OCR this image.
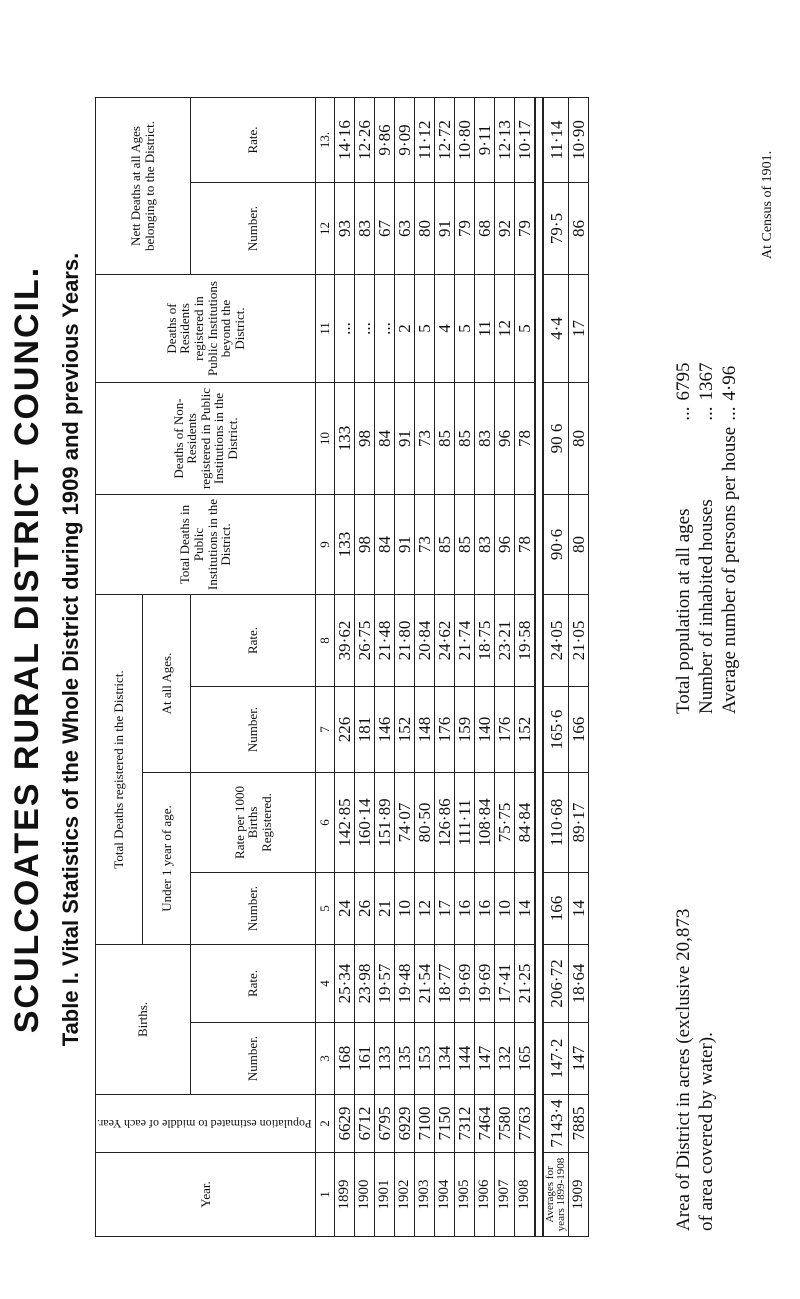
SCULCOATES RURAL DISTRICT COUNCIL. Table I. Vital Statistics of the Whole District during 1909 and previous Years.
Year.	Population estimated to middle of each Year.	Births.		Total Deaths registered in the District.				Total Deaths in Public Institutions in the District.	Deaths of Non-Residents registered in Public Institutions in the District.	Deaths of Residents registered in Public Institutions beyond the District.	Nett Deaths at all Ages belonging to the District.	
				Under 1 year of age.		At all Ages.						
		Number.	Rate.	Number.	Rate per 1000 Births Registered.	Number.	Rate.				Number.	Rate.
1	2	3	4	5	6	7	8	9	10	11	12	13.
1899	6629	168	25·34	24	142·85	226	39·62	133	133	...	93	14·16
1900	6712	161	23·98	26	160·14	181	26·75	98	98	...	83	12·26
1901	6795	133	19·57	21	151·89	146	21·48	84	84	...	67	9·86
1902	6929	135	19·48	10	74·07	152	21·80	91	91	2	63	9·09
1903	7100	153	21·54	12	80·50	148	20·84	73	73	5	80	11·12
1904	7150	134	18·77	17	126·86	176	24·62	85	85	4	91	12·72
1905	7312	144	19·69	16	111·11	159	21·74	85	85	5	79	10·80
1906	7464	147	19·69	16	108·84	140	18·75	83	83	11	68	9·11
1907	7580	132	17·41	10	75·75	176	23·21	96	96	12	92	12·13
1908	7763	165	21·25	14	84·84	152	19·58	78	78	5	79	10·17

Averages for years 1899-1908	7143·4	147·2	206·72	166	110·68	165·6	24·05	90·6	90 6	4·4	79·5	11·14
1909	7885	147	18·64	14	89·17	166	21·05	80	80	17	86	10·90
Area of District in acres (exclusive 20,873
of area covered by water).
Total population at all ages	...	6795
Number of inhabited houses	...	1367
Average number of persons per house	...	4·96
At Census of 1901.
